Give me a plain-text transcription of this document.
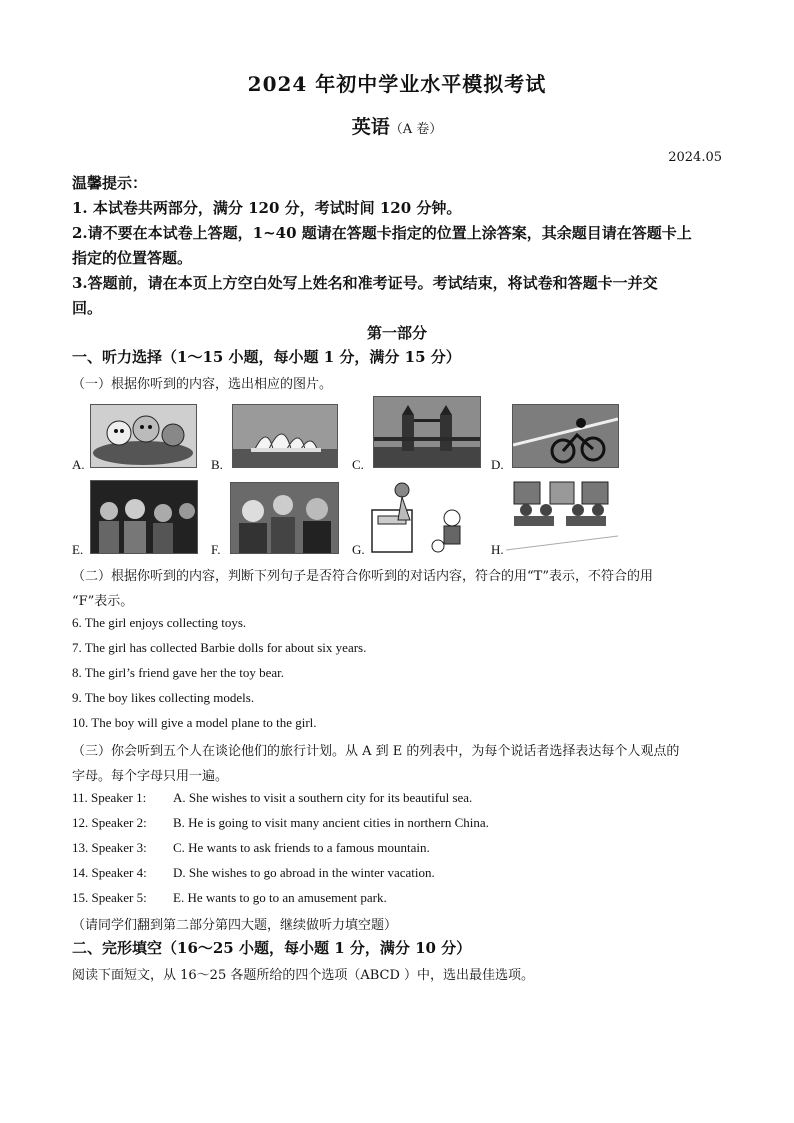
2024 年初中学业水平模拟考试
英语（A 卷）
2024.05
温馨提示：
1. 本试卷共两部分，满分 120 分，考试时间 120 分钟。
2.请不要在本试卷上答题，1~40 题请在答题卡指定的位置上涂答案，其余题目请在答题卡上
指定的位置答题。
3.答题前，请在本页上方空白处写上姓名和准考证号。考试结束，将试卷和答题卡一并交
回。
第一部分
一、听力选择（1～15 小题，每小题 1 分，满分 15 分）
（一）根据你听到的内容，选出相应的图片。
A.	B.	C.	D.
E.	F.	G.	H.
（二）根据你听到的内容，判断下列句子是否符合你听到的对话内容，符合的用“T”表示，不符合的用
“F”表示。
6. The girl enjoys collecting toys.
7. The girl has collected Barbie dolls for about six years.
8. The girl’s friend gave her the toy bear.
9. The boy likes collecting models.
10. The boy will give a model plane to the girl.
（三）你会听到五个人在谈论他们的旅行计划。从 A 到 E 的列表中，为每个说话者选择表达每个人观点的
字母。每个字母只用一遍。
11. Speaker 1: A. She wishes to visit a southern city for its beautiful sea.
12. Speaker 2: B. He is going to visit many ancient cities in northern China.
13. Speaker 3: C. He wants to ask friends to a famous mountain.
14. Speaker 4: D. She wishes to go abroad in the winter vacation.
15. Speaker 5: E. He wants to go to an amusement park.
（请同学们翻到第二部分第四大题，继续做听力填空题）
二、完形填空（16～25 小题，每小题 1 分，满分 10 分）
阅读下面短文，从 16～25 各题所给的四个选项（ABCD ）中，选出最佳选项。
